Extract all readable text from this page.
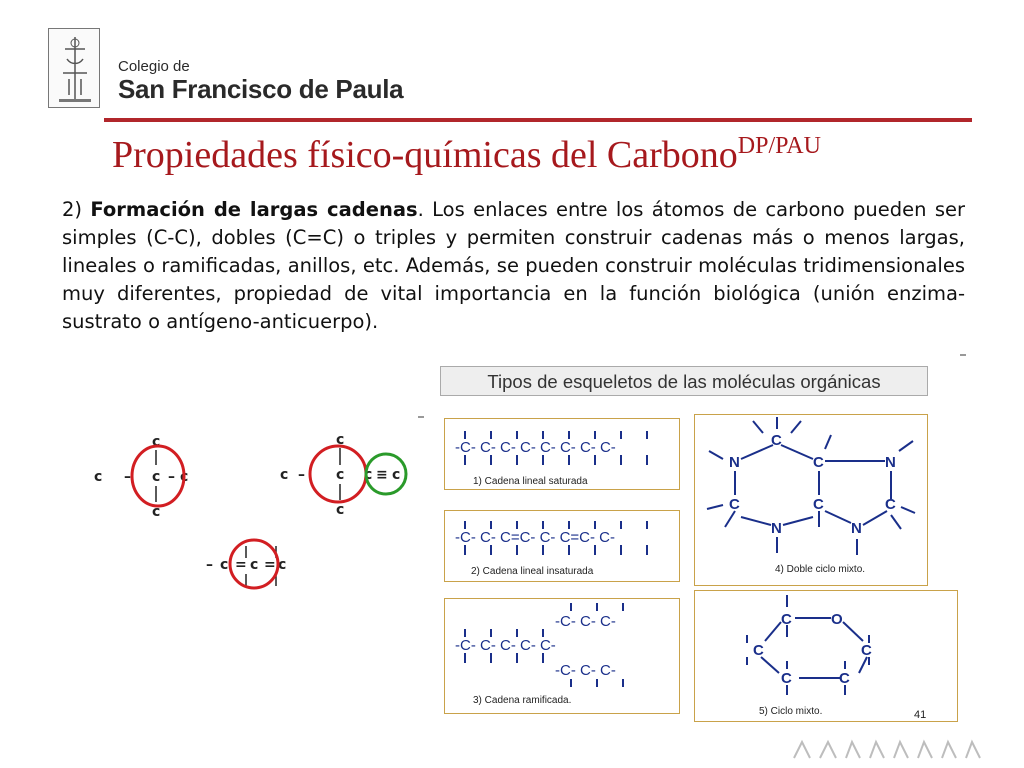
Colegio de
San Francisco de Paula
Propiedades físico-químicas del Carbono$^{DP/PAU}$
2) Formación de largas cadenas. Los enlaces entre los átomos de carbono pueden ser simples (C-C), dobles (C=C) o triples y permiten construir cadenas más o menos largas, lineales o ramificadas, anillos, etc. Además, se pueden construir moléculas tridimensionales muy diferentes, propiedad de vital importancia en la función biológica (unión enzima-sustrato o antígeno-anticuerpo).
c
c – c – c
c
c
c – c c ≡ c
c
– c = c = c
Tipos de esqueletos de las moléculas orgánicas
-C- C- C- C- C- C- C- C-
1) Cadena lineal saturada
-C- C- C=C- C- C=C- C-
2) Cadena lineal insaturada
-C- C- C-
-C- C- C- C- C-
-C- C- C-
3) Cadena ramificada.
C
N	C	N
C	C	C
N	N
4) Doble ciclo mixto.
C	O
C	C
C	C
5) Ciclo mixto.	41
